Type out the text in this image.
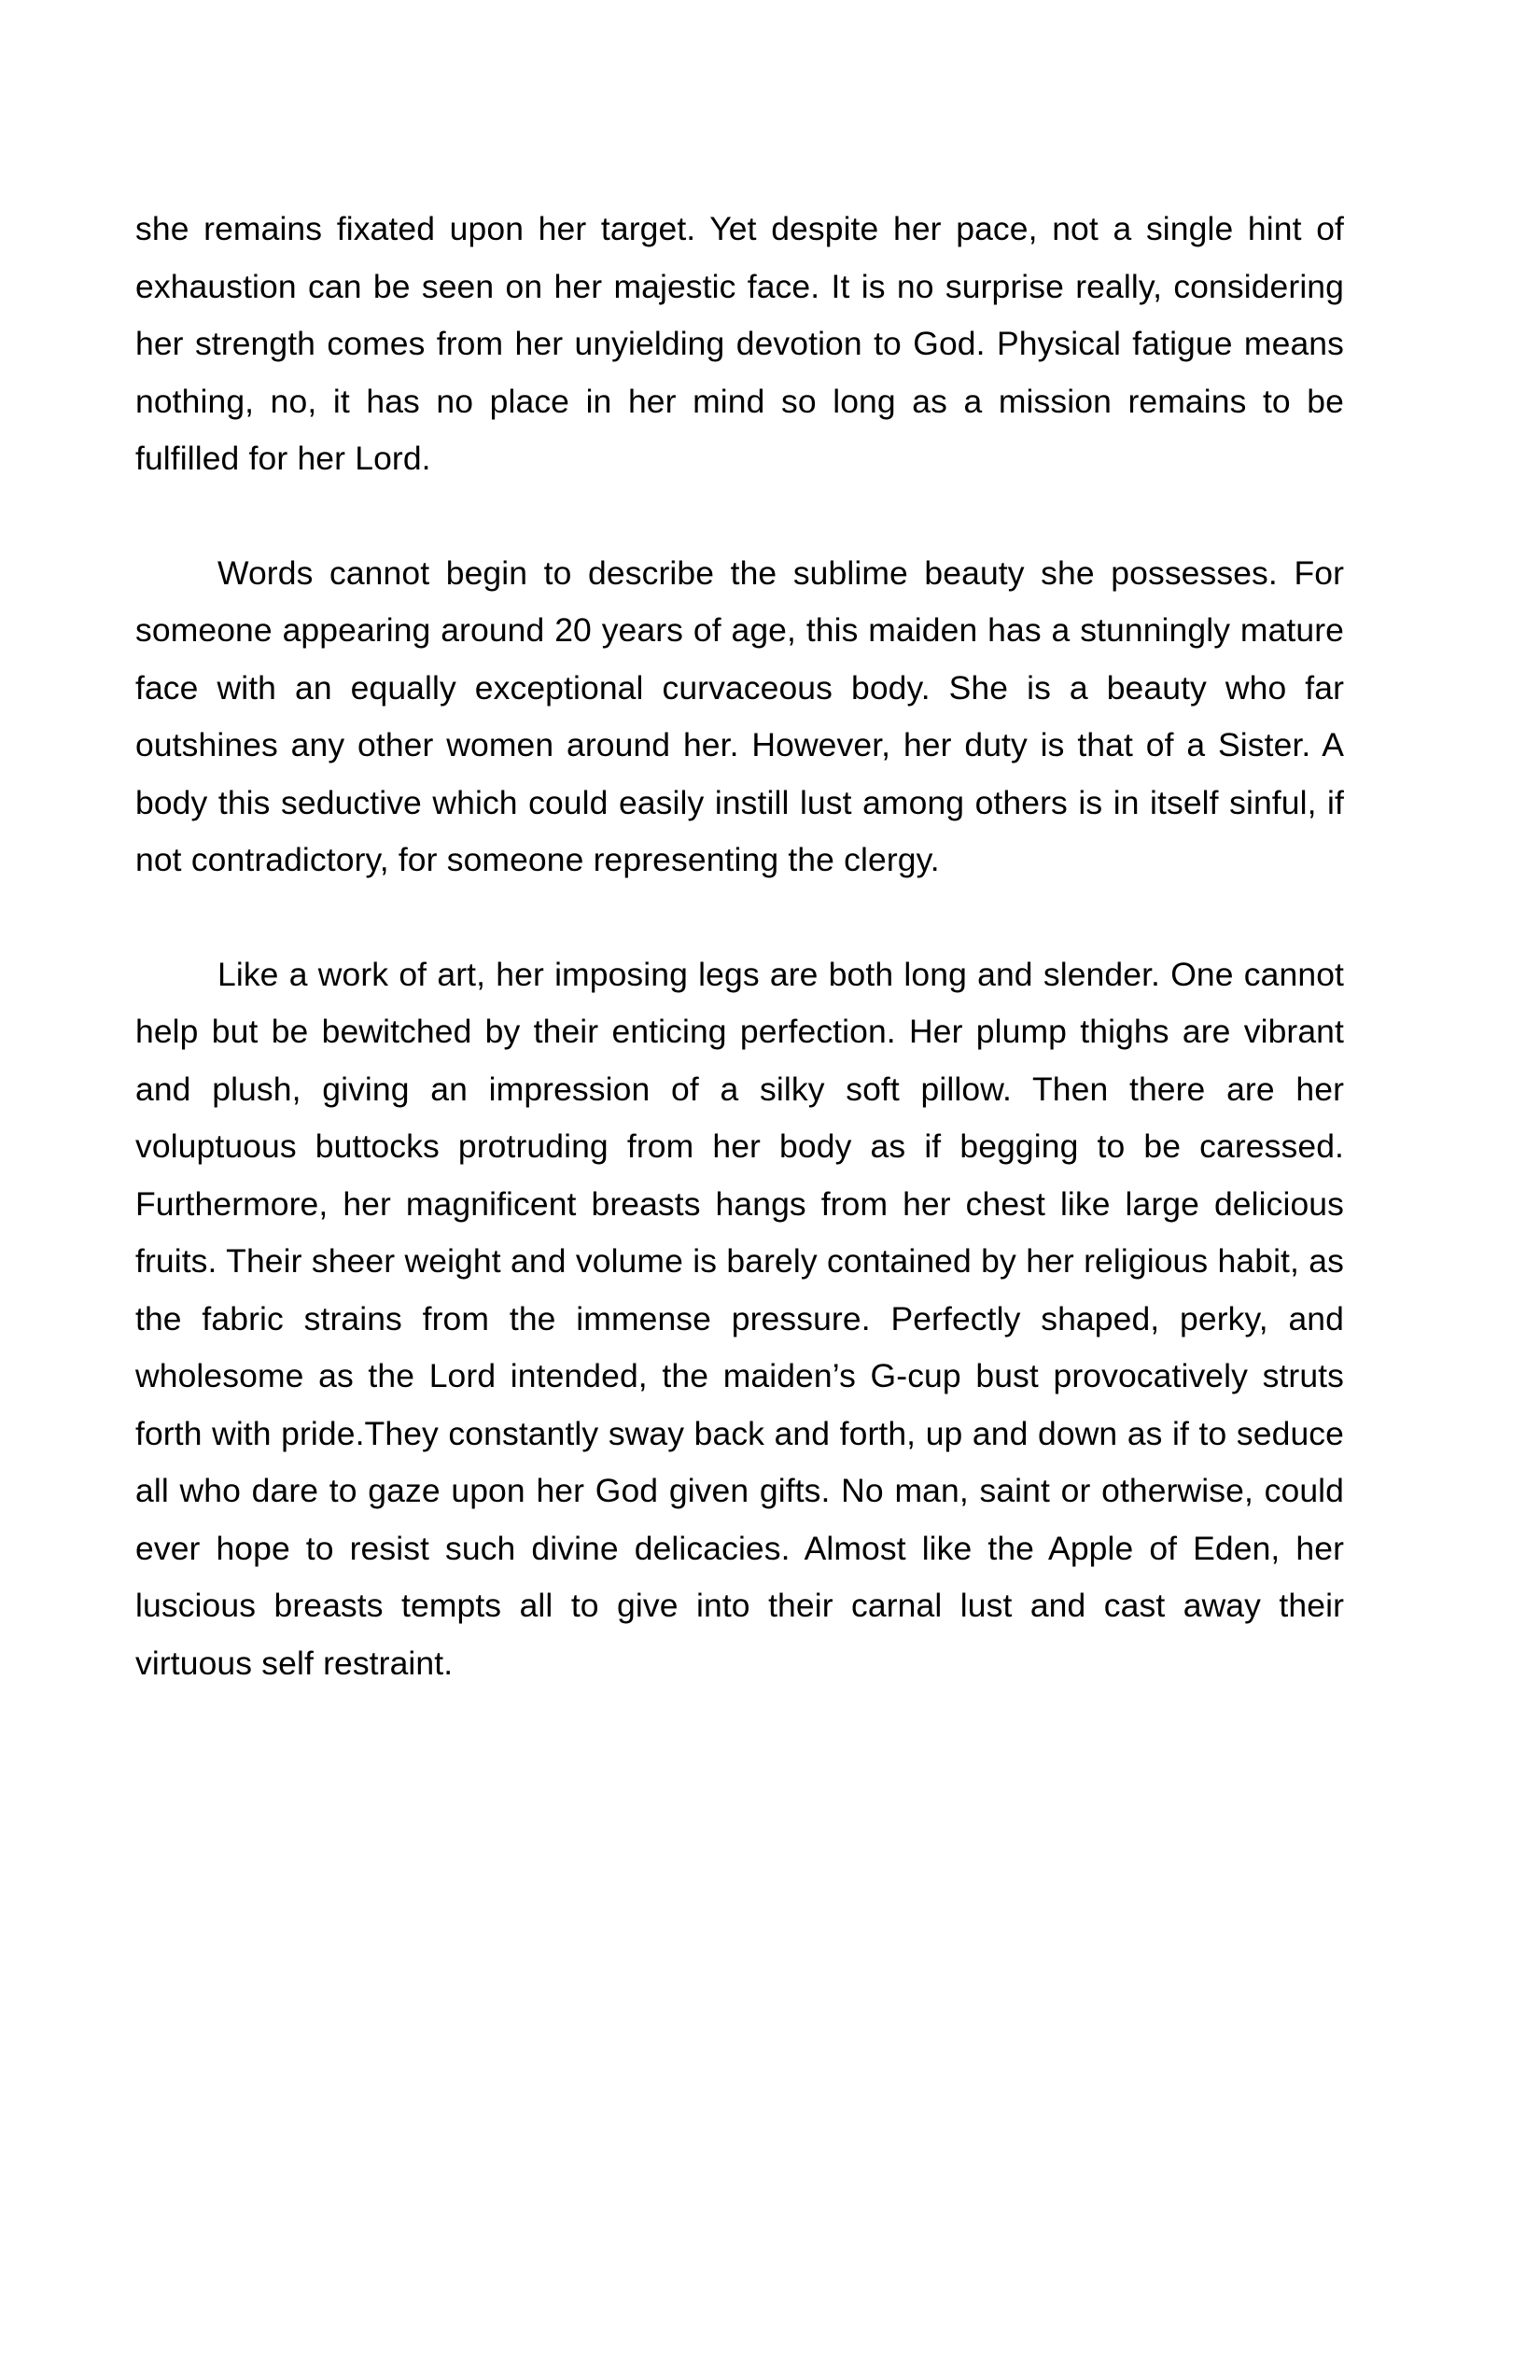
she remains fixated upon her target. Yet despite her pace, not a single hint of exhaustion can be seen on her majestic face. It is no surprise really, considering her strength comes from her unyielding devotion to God. Physical fatigue means nothing, no, it has no place in her mind so long as a mission remains to be fulfilled for her Lord.

Words cannot begin to describe the sublime beauty she possesses. For someone appearing around 20 years of age, this maiden has a stunningly mature face with an equally exceptional curvaceous body. She is a beauty who far outshines any other women around her. However, her duty is that of a Sister. A body this seductive which could easily instill lust among others is in itself sinful, if not contradictory, for someone representing the clergy.

Like a work of art, her imposing legs are both long and slender. One cannot help but be bewitched by their enticing perfection. Her plump thighs are vibrant and plush, giving an impression of a silky soft pillow. Then there are her voluptuous buttocks protruding from her body as if begging to be caressed. Furthermore, her magnificent breasts hangs from her chest like large delicious fruits. Their sheer weight and volume is barely contained by her religious habit, as the fabric strains from the immense pressure. Perfectly shaped, perky, and wholesome as the Lord intended, the maiden’s G-cup bust provocatively struts forth with pride.They constantly sway back and forth, up and down as if to seduce all who dare to gaze upon her God given gifts. No man, saint or otherwise, could ever hope to resist such divine delicacies. Almost like the Apple of Eden, her luscious breasts tempts all to give into their carnal lust and cast away their virtuous self restraint.
